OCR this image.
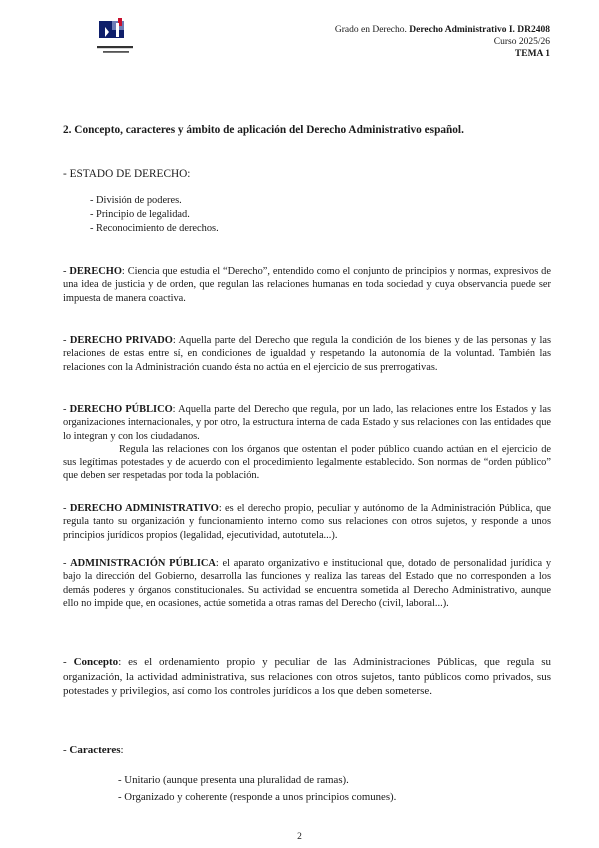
Grado en Derecho. Derecho Administrativo I. DR2408
Curso 2025/26
TEMA 1
2. Concepto, caracteres y ámbito de aplicación del Derecho Administrativo español.
- ESTADO DE DERECHO:
- División de poderes.
- Principio de legalidad.
- Reconocimiento de derechos.
- DERECHO: Ciencia que estudia el “Derecho”, entendido como el conjunto de principios y normas, expresivos de una idea de justicia y de orden, que regulan las relaciones humanas en toda sociedad y cuya observancia puede ser impuesta de manera coactiva.
- DERECHO PRIVADO: Aquella parte del Derecho que regula la condición de los bienes y de las personas y las relaciones de estas entre sí, en condiciones de igualdad y respetando la autonomía de la voluntad. También las relaciones con la Administración cuando ésta no actúa en el ejercicio de sus prerrogativas.
- DERECHO PÚBLICO: Aquella parte del Derecho que regula, por un lado, las relaciones entre los Estados y las organizaciones internacionales, y por otro, la estructura interna de cada Estado y sus relaciones con las entidades que lo integran y con los ciudadanos.
Regula las relaciones con los órganos que ostentan el poder público cuando actúan en el ejercicio de sus legítimas potestades y de acuerdo con el procedimiento legalmente establecido. Son normas de “orden público” que deben ser respetadas por toda la población.
- DERECHO ADMINISTRATIVO: es el derecho propio, peculiar y autónomo de la Administración Pública, que regula tanto su organización y funcionamiento interno como sus relaciones con otros sujetos, y responde a unos principios jurídicos propios (legalidad, ejecutividad, autotutela...).
- ADMINISTRACIÓN PÚBLICA: el aparato organizativo e institucional que, dotado de personalidad jurídica y bajo la dirección del Gobierno, desarrolla las funciones y realiza las tareas del Estado que no corresponden a los demás poderes y órganos constitucionales. Su actividad se encuentra sometida al Derecho Administrativo, aunque ello no impide que, en ocasiones, actúe sometida a otras ramas del Derecho (civil, laboral...).
- Concepto: es el ordenamiento propio y peculiar de las Administraciones Públicas, que regula su organización, la actividad administrativa, sus relaciones con otros sujetos, tanto públicos como privados, sus potestades y privilegios, así como los controles jurídicos a los que deben someterse.
- Caracteres:
- Unitario (aunque presenta una pluralidad de ramas).
- Organizado y coherente (responde a unos principios comunes).
2
